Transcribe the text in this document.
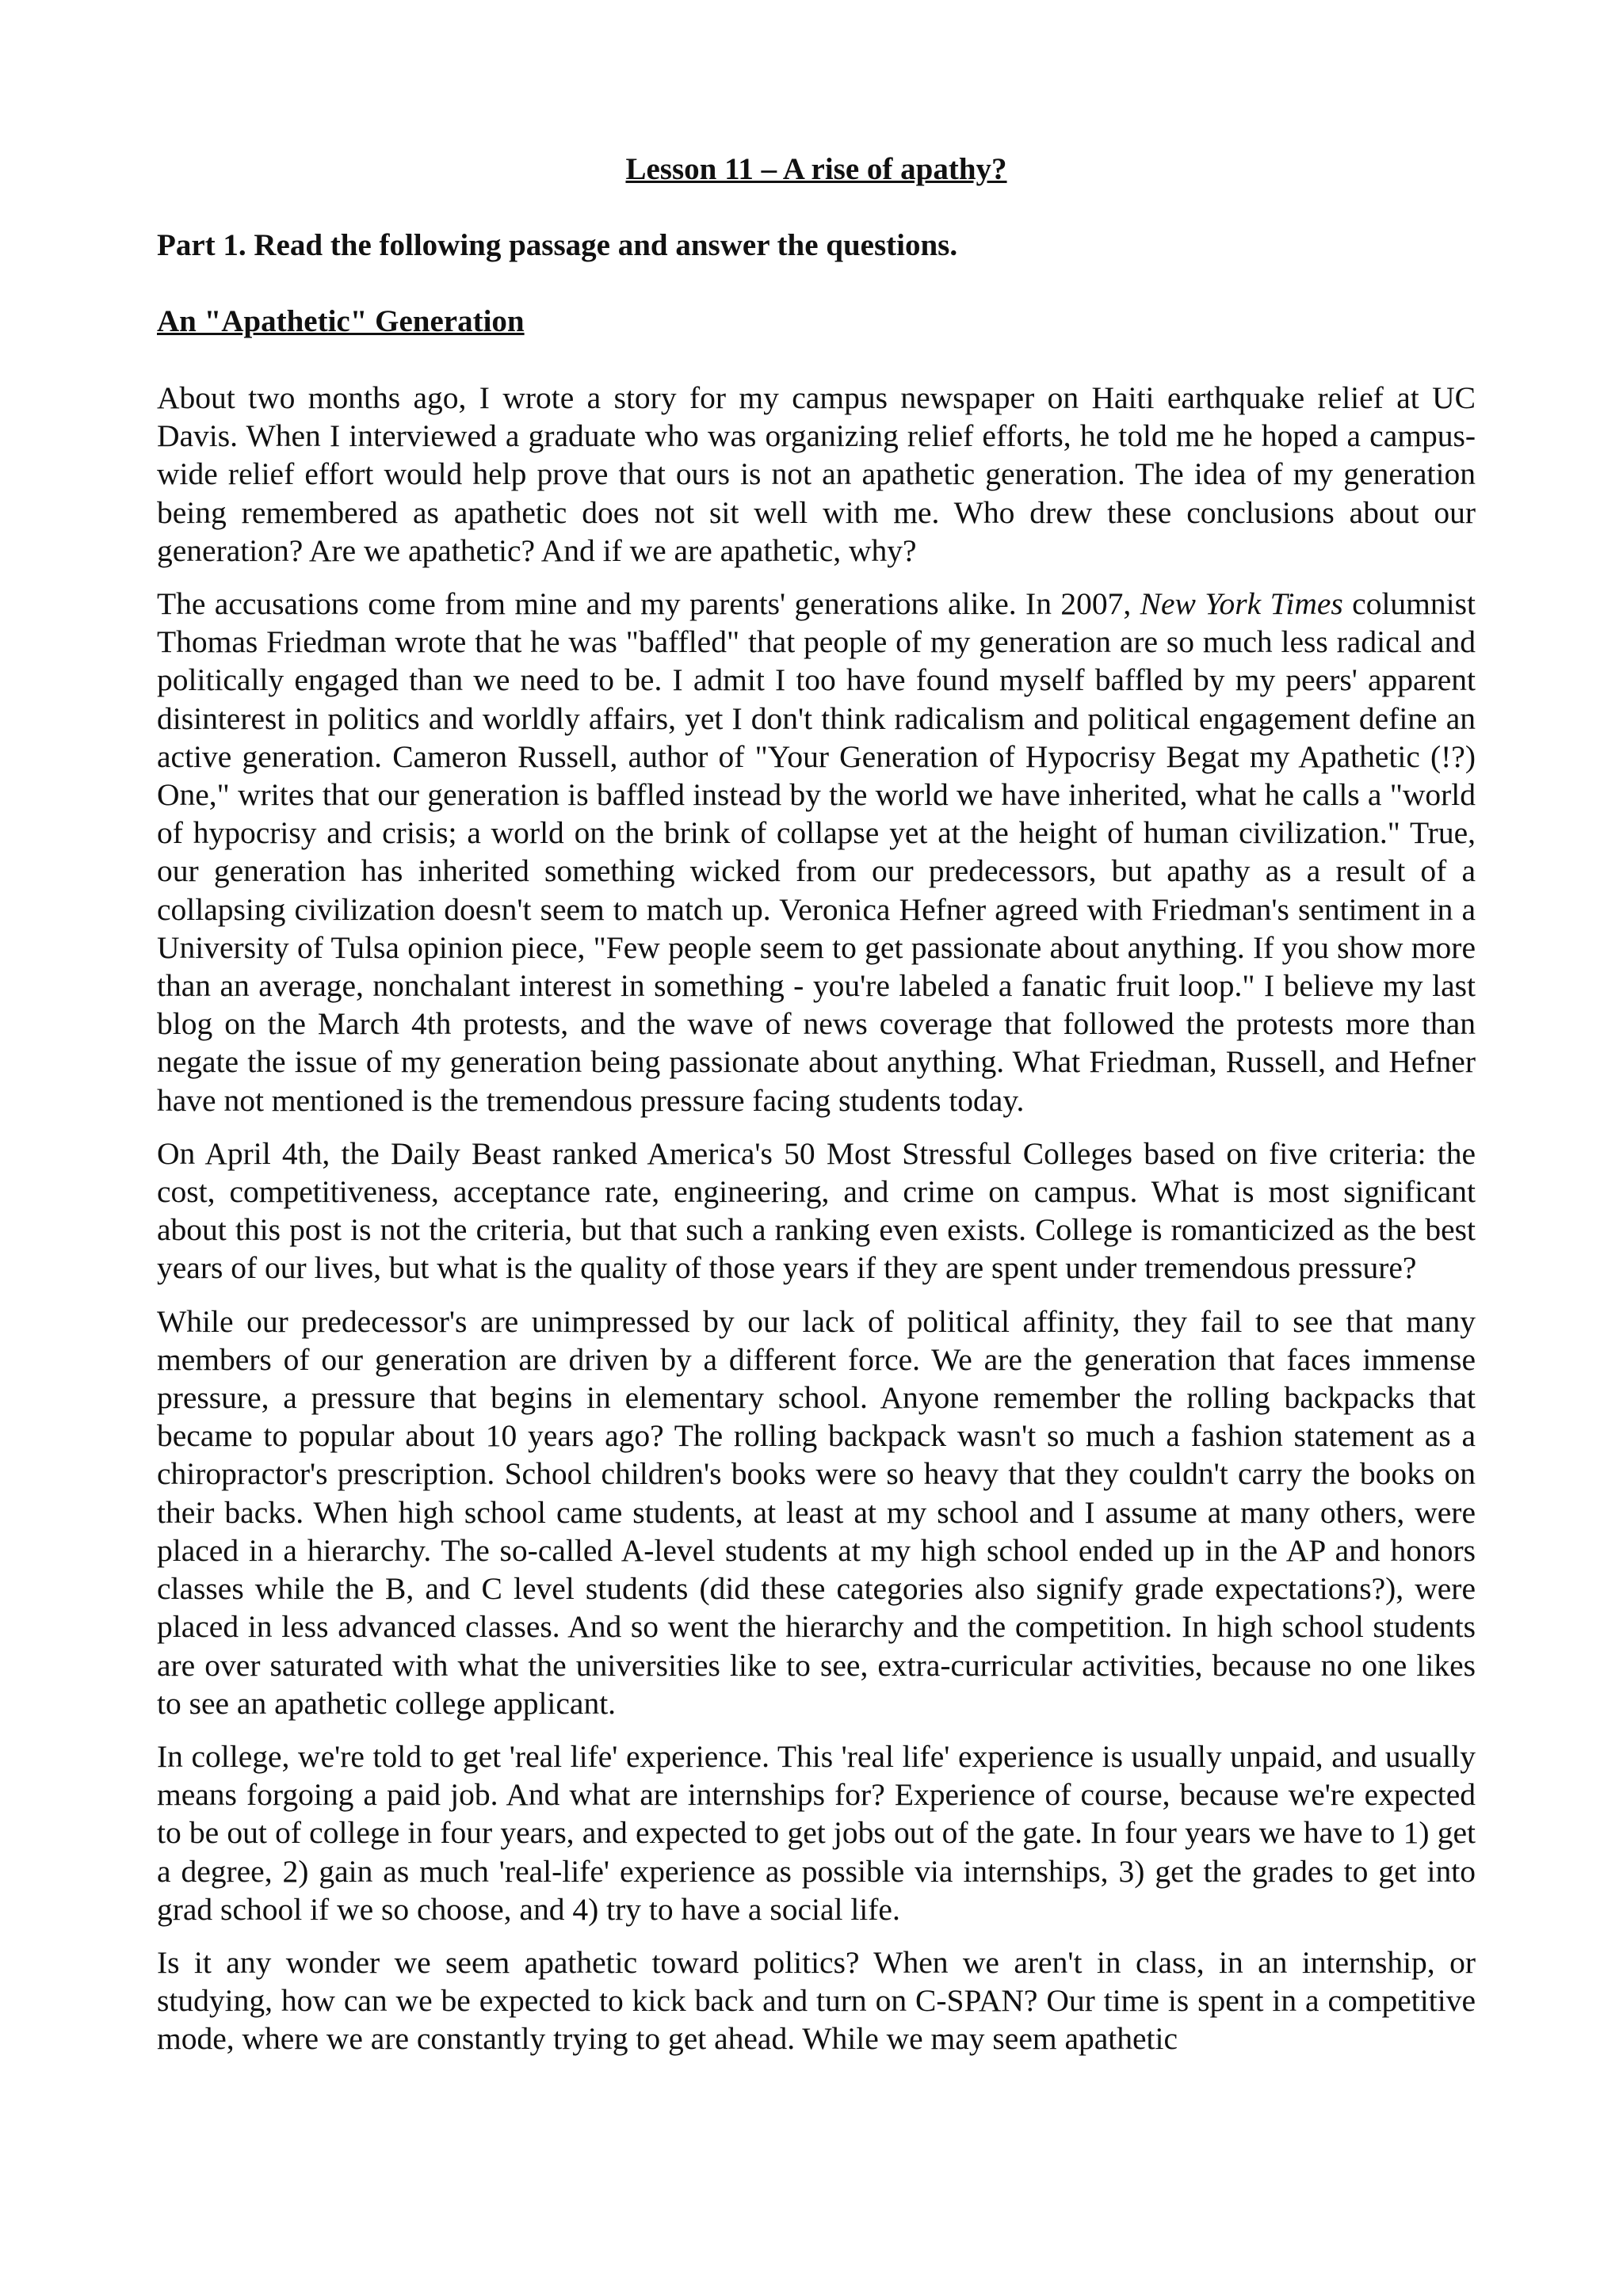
Lesson 11 – A rise of apathy?
Part 1. Read the following passage and answer the questions.
An "Apathetic" Generation

About two months ago, I wrote a story for my campus newspaper on Haiti earthquake relief at UC Davis. When I interviewed a graduate who was organizing relief efforts, he told me he hoped a campus-wide relief effort would help prove that ours is not an apathetic generation. The idea of my generation being remembered as apathetic does not sit well with me. Who drew these conclusions about our generation? Are we apathetic? And if we are apathetic, why?

The accusations come from mine and my parents' generations alike. In 2007, New York Times columnist Thomas Friedman wrote that he was "baffled" that people of my generation are so much less radical and politically engaged than we need to be. I admit I too have found myself baffled by my peers' apparent disinterest in politics and worldly affairs, yet I don't think radicalism and political engagement define an active generation. Cameron Russell, author of "Your Generation of Hypocrisy Begat my Apathetic (!?) One," writes that our generation is baffled instead by the world we have inherited, what he calls a "world of hypocrisy and crisis; a world on the brink of collapse yet at the height of human civilization." True, our generation has inherited something wicked from our predecessors, but apathy as a result of a collapsing civilization doesn't seem to match up. Veronica Hefner agreed with Friedman's sentiment in a University of Tulsa opinion piece, "Few people seem to get passionate about anything. If you show more than an average, nonchalant interest in something - you're labeled a fanatic fruit loop." I believe my last blog on the March 4th protests, and the wave of news coverage that followed the protests more than negate the issue of my generation being passionate about anything. What Friedman, Russell, and Hefner have not mentioned is the tremendous pressure facing students today.

On April 4th, the Daily Beast ranked America's 50 Most Stressful Colleges based on five criteria: the cost, competitiveness, acceptance rate, engineering, and crime on campus. What is most significant about this post is not the criteria, but that such a ranking even exists. College is romanticized as the best years of our lives, but what is the quality of those years if they are spent under tremendous pressure?

While our predecessor's are unimpressed by our lack of political affinity, they fail to see that many members of our generation are driven by a different force. We are the generation that faces immense pressure, a pressure that begins in elementary school. Anyone remember the rolling backpacks that became to popular about 10 years ago? The rolling backpack wasn't so much a fashion statement as a chiropractor's prescription. School children's books were so heavy that they couldn't carry the books on their backs. When high school came students, at least at my school and I assume at many others, were placed in a hierarchy. The so-called A-level students at my high school ended up in the AP and honors classes while the B, and C level students (did these categories also signify grade expectations?), were placed in less advanced classes. And so went the hierarchy and the competition. In high school students are over saturated with what the universities like to see, extra-curricular activities, because no one likes to see an apathetic college applicant.

In college, we're told to get 'real life' experience. This 'real life' experience is usually unpaid, and usually means forgoing a paid job. And what are internships for? Experience of course, because we're expected to be out of college in four years, and expected to get jobs out of the gate. In four years we have to 1) get a degree, 2) gain as much 'real-life' experience as possible via internships, 3) get the grades to get into grad school if we so choose, and 4) try to have a social life.

Is it any wonder we seem apathetic toward politics? When we aren't in class, in an internship, or studying, how can we be expected to kick back and turn on C-SPAN? Our time is spent in a competitive mode, where we are constantly trying to get ahead. While we may seem apathetic
